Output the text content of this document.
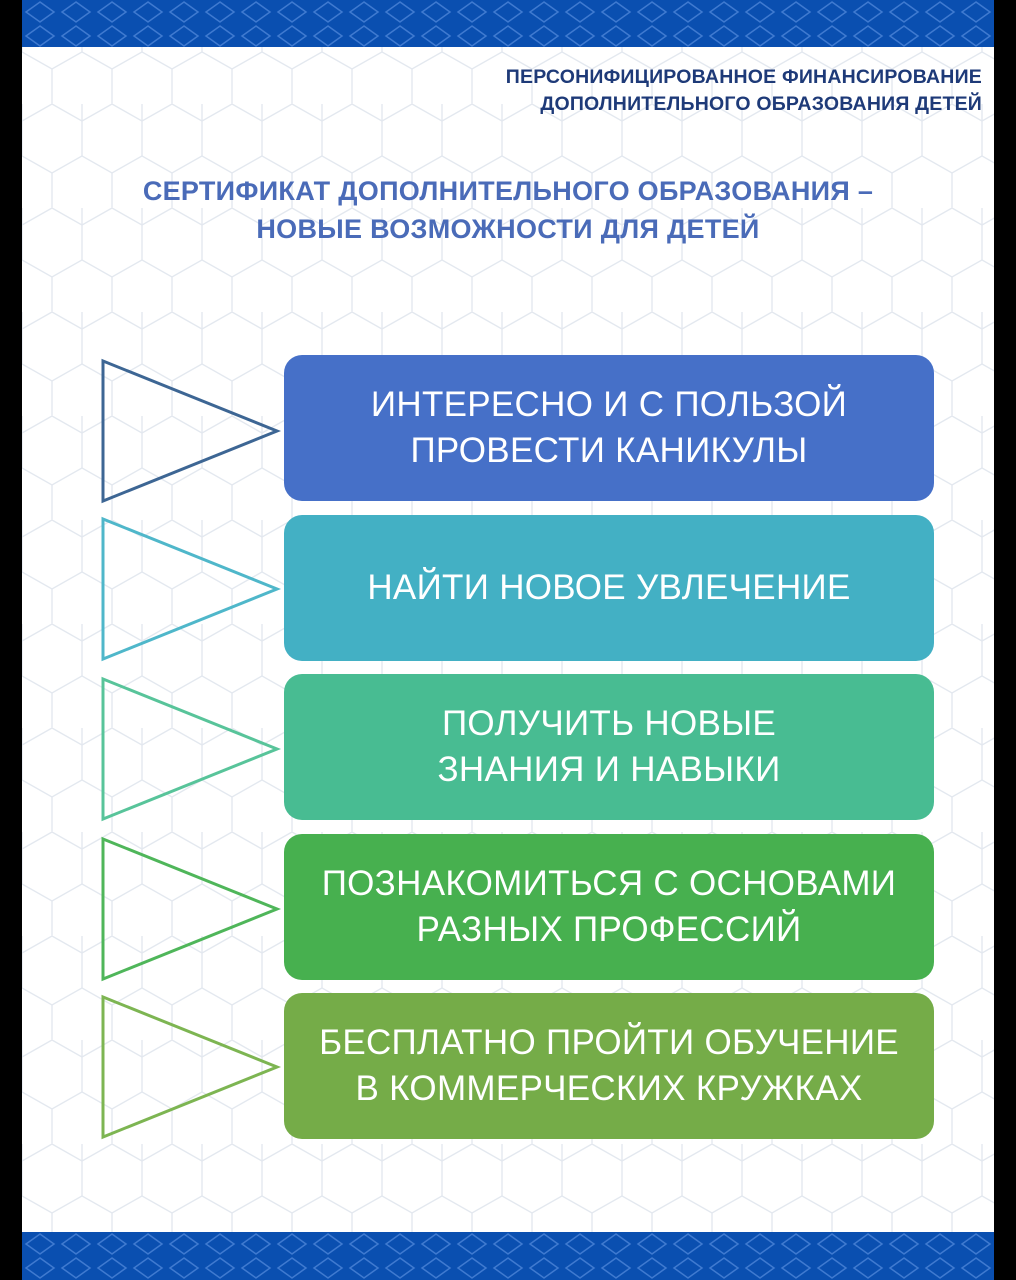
ПЕРСОНИФИЦИРОВАННОЕ ФИНАНСИРОВАНИЕ
ДОПОЛНИТЕЛЬНОГО ОБРАЗОВАНИЯ ДЕТЕЙ
СЕРТИФИКАТ ДОПОЛНИТЕЛЬНОГО ОБРАЗОВАНИЯ –
НОВЫЕ ВОЗМОЖНОСТИ ДЛЯ ДЕТЕЙ
ИНТЕРЕСНО И С ПОЛЬЗОЙ
ПРОВЕСТИ КАНИКУЛЫ
НАЙТИ НОВОЕ УВЛЕЧЕНИЕ
ПОЛУЧИТЬ НОВЫЕ
ЗНАНИЯ И НАВЫКИ
ПОЗНАКОМИТЬСЯ С ОСНОВАМИ
РАЗНЫХ ПРОФЕССИЙ
БЕСПЛАТНО ПРОЙТИ ОБУЧЕНИЕ
В КОММЕРЧЕСКИХ КРУЖКАХ
